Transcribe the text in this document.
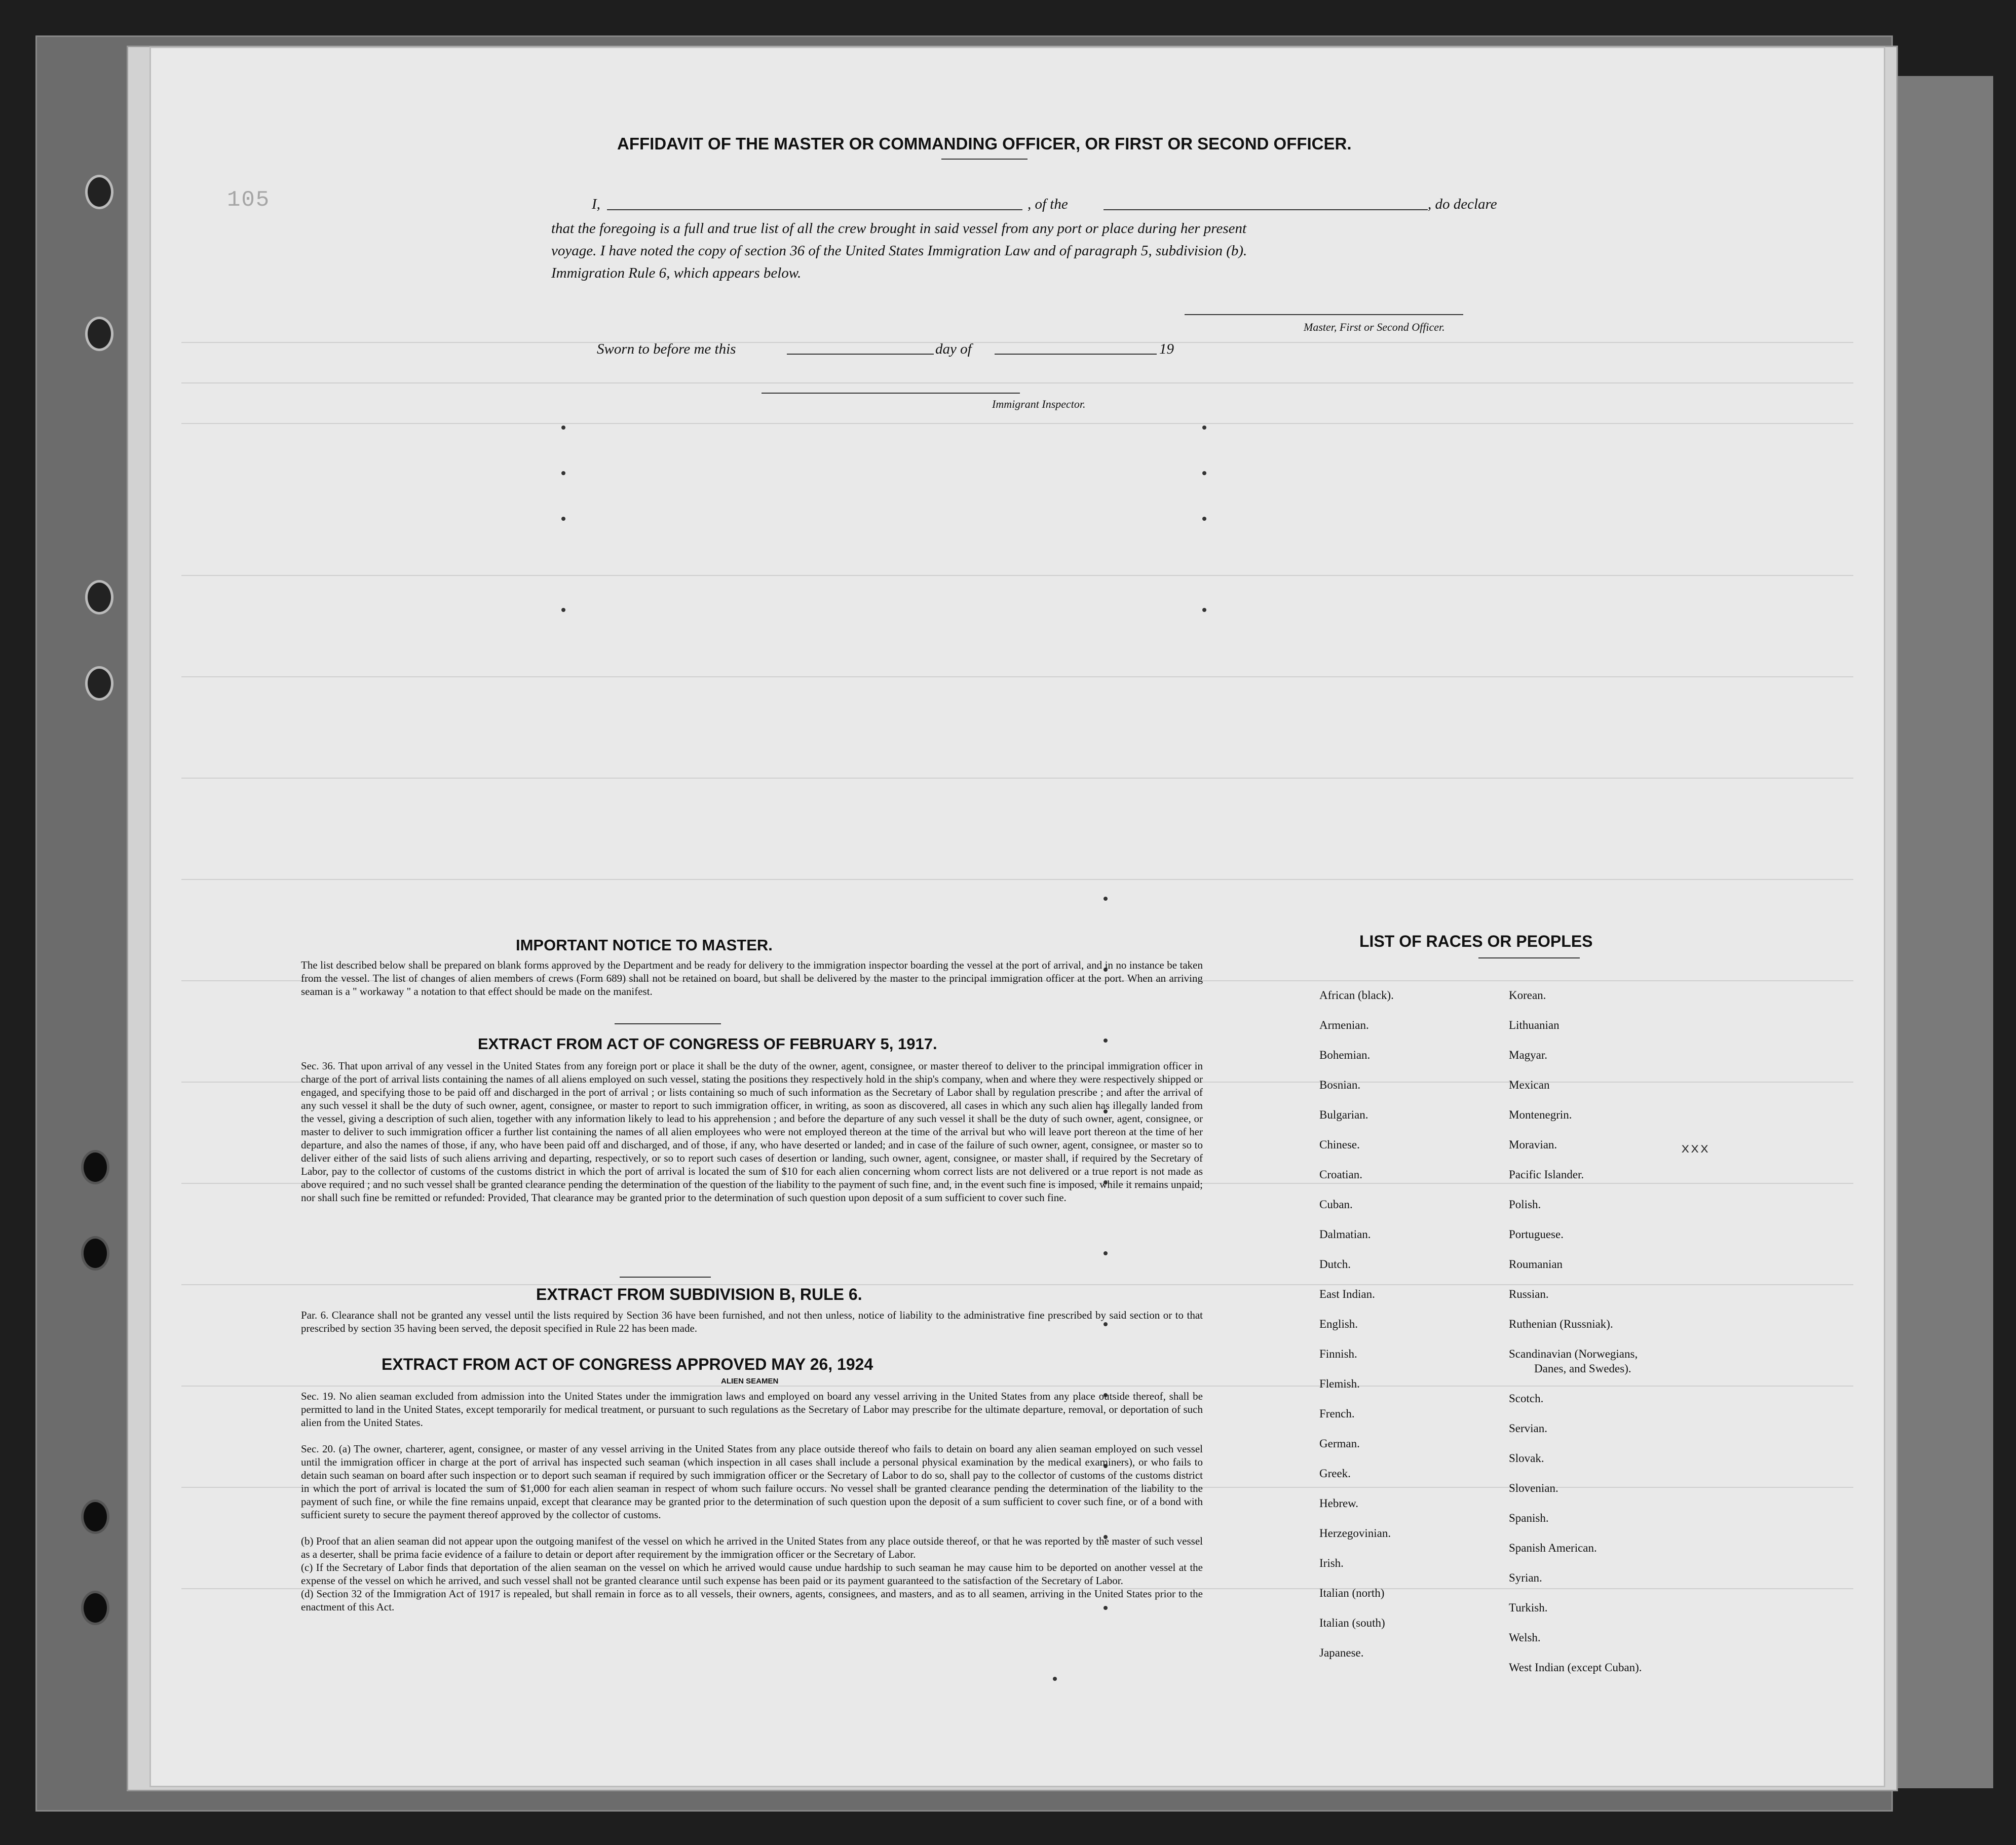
105
AFFIDAVIT OF THE MASTER OR COMMANDING OFFICER, OR FIRST OR SECOND OFFICER.
I,	, of the	, do declare
that the foregoing is a full and true list of all the crew brought in said vessel from any port or place during her present
voyage. I have noted the copy of section 36 of the United States Immigration Law and of paragraph 5, subdivision (b).
Immigration Rule 6, which appears below.
Master, First or Second Officer.
Sworn to before me this	day of	19
Immigrant Inspector.
IMPORTANT NOTICE TO MASTER.
The list described below shall be prepared on blank forms approved by the Department and be ready for delivery to the immigration inspector boarding the vessel at the port of arrival, and in no instance be taken from the vessel. The list of changes of alien members of crews (Form 689) shall not be retained on board, but shall be delivered by the master to the principal immigration officer at the port. When an arriving seaman is a " workaway " a notation to that effect should be made on the manifest.
EXTRACT FROM ACT OF CONGRESS OF FEBRUARY 5, 1917.
Sec. 36. That upon arrival of any vessel in the United States from any foreign port or place it shall be the duty of the owner, agent, consignee, or master thereof to deliver to the principal immigration officer in charge of the port of arrival lists containing the names of all aliens employed on such vessel, stating the positions they respectively hold in the ship's company, when and where they were respectively shipped or engaged, and specifying those to be paid off and discharged in the port of arrival ; or lists containing so much of such information as the Secretary of Labor shall by regulation prescribe ; and after the arrival of any such vessel it shall be the duty of such owner, agent, consignee, or master to report to such immigration officer, in writing, as soon as discovered, all cases in which any such alien has illegally landed from the vessel, giving a description of such alien, together with any information likely to lead to his apprehension ; and before the departure of any such vessel it shall be the duty of such owner, agent, consignee, or master to deliver to such immigration officer a further list containing the names of all alien employees who were not employed thereon at the time of the arrival but who will leave port thereon at the time of her departure, and also the names of those, if any, who have been paid off and discharged, and of those, if any, who have deserted or landed; and in case of the failure of such owner, agent, consignee, or master so to deliver either of the said lists of such aliens arriving and departing, respectively, or so to report such cases of desertion or landing, such owner, agent, consignee, or master shall, if required by the Secretary of Labor, pay to the collector of customs of the customs district in which the port of arrival is located the sum of $10 for each alien concerning whom correct lists are not delivered or a true report is not made as above required ; and no such vessel shall be granted clearance pending the determination of the question of the liability to the payment of such fine, and, in the event such fine is imposed, while it remains unpaid; nor shall such fine be remitted or refunded: Provided, That clearance may be granted prior to the determination of such question upon deposit of a sum sufficient to cover such fine.
EXTRACT FROM SUBDIVISION B, RULE 6.
Par. 6. Clearance shall not be granted any vessel until the lists required by Section 36 have been furnished, and not then unless, notice of liability to the administrative fine prescribed by said section or to that prescribed by section 35 having been served, the deposit specified in Rule 22 has been made.
EXTRACT FROM ACT OF CONGRESS APPROVED MAY 26, 1924
ALIEN SEAMEN
Sec. 19. No alien seaman excluded from admission into the United States under the immigration laws and employed on board any vessel arriving in the United States from any place outside thereof, shall be permitted to land in the United States, except temporarily for medical treatment, or pursuant to such regulations as the Secretary of Labor may prescribe for the ultimate departure, removal, or deportation of such alien from the United States.
Sec. 20. (a) The owner, charterer, agent, consignee, or master of any vessel arriving in the United States from any place outside thereof who fails to detain on board any alien seaman employed on such vessel until the immigration officer in charge at the port of arrival has inspected such seaman (which inspection in all cases shall include a personal physical examination by the medical examiners), or who fails to detain such seaman on board after such inspection or to deport such seaman if required by such immigration officer or the Secretary of Labor to do so, shall pay to the collector of customs of the customs district in which the port of arrival is located the sum of $1,000 for each alien seaman in respect of whom such failure occurs. No vessel shall be granted clearance pending the determination of the liability to the payment of such fine, or while the fine remains unpaid, except that clearance may be granted prior to the determination of such question upon the deposit of a sum sufficient to cover such fine, or of a bond with sufficient surety to secure the payment thereof approved by the collector of customs.
(b) Proof that an alien seaman did not appear upon the outgoing manifest of the vessel on which he arrived in the United States from any place outside thereof, or that he was reported by the master of such vessel as a deserter, shall be prima facie evidence of a failure to detain or deport after requirement by the immigration officer or the Secretary of Labor.
(c) If the Secretary of Labor finds that deportation of the alien seaman on the vessel on which he arrived would cause undue hardship to such seaman he may cause him to be deported on another vessel at the expense of the vessel on which he arrived, and such vessel shall not be granted clearance until such expense has been paid or its payment guaranteed to the satisfaction of the Secretary of Labor.
(d) Section 32 of the Immigration Act of 1917 is repealed, but shall remain in force as to all vessels, their owners, agents, consignees, and masters, and as to all seamen, arriving in the United States prior to the enactment of this Act.
LIST OF RACES OR PEOPLES
African (black).
Armenian.
Bohemian.
Bosnian.
Bulgarian.
Chinese.
Croatian.
Cuban.
Dalmatian.
Dutch.
East Indian.
English.
Finnish.
Flemish.
French.
German.
Greek.
Hebrew.
Herzegovinian.
Irish.
Italian (north)
Italian (south)
Japanese.
Korean.
Lithuanian
Magyar.
Mexican
Montenegrin.
Moravian.
Pacific Islander.
Polish.
Portuguese.
Roumanian
Russian.
Ruthenian (Russniak).
Scandinavian (Norwegians,
Danes, and Swedes).
Scotch.
Servian.
Slovak.
Slovenian.
Spanish.
Spanish American.
Syrian.
Turkish.
Welsh.
West Indian (except Cuban).
xxx
